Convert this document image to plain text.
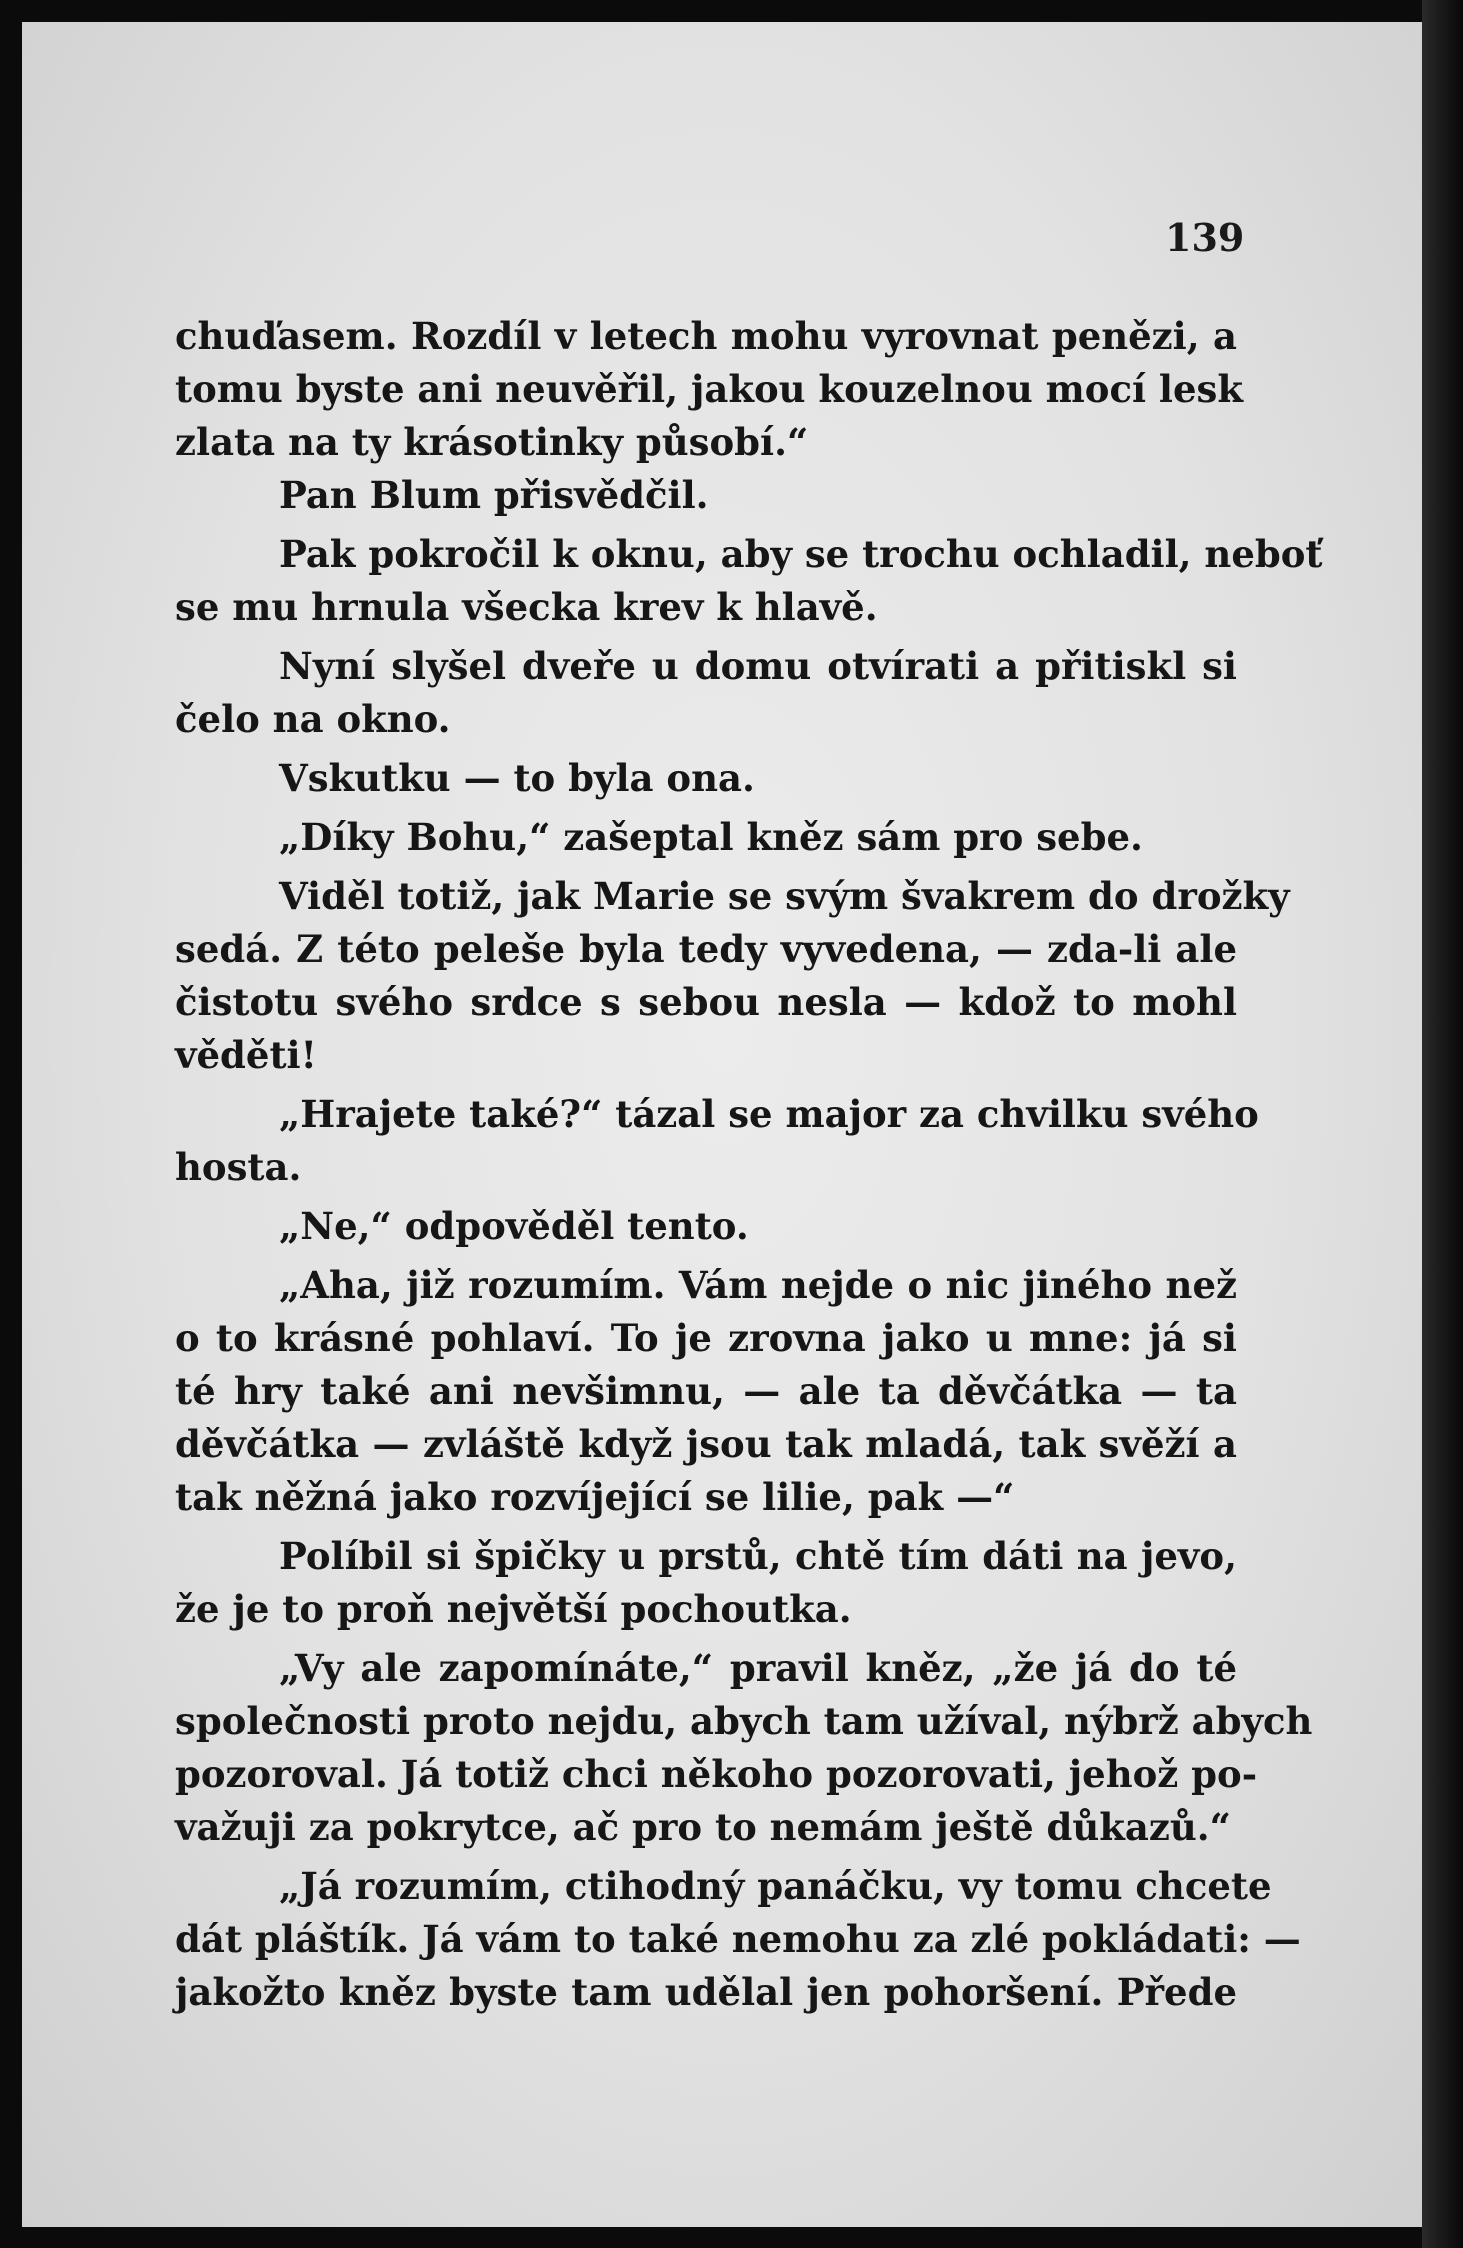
139
chuďasem. Rozdíl v letech mohu vyrovnat penězi, a
tomu byste ani neuvěřil, jakou kouzelnou mocí lesk
zlata na ty krásotinky působí.“
Pan Blum přisvědčil.
Pak pokročil k oknu, aby se trochu ochladil, neboť
se mu hrnula všecka krev k hlavě.
Nyní slyšel dveře u domu otvírati a přitiskl si
čelo na okno.
Vskutku — to byla ona.
„Díky Bohu,“ zašeptal kněz sám pro sebe.
Viděl totiž, jak Marie se svým švakrem do drožky
sedá. Z této peleše byla tedy vyvedena, — zda-li ale
čistotu svého srdce s sebou nesla — kdož to mohl
věděti!
„Hrajete také?“ tázal se major za chvilku svého
hosta.
„Ne,“ odpověděl tento.
„Aha, již rozumím. Vám nejde o nic jiného než
o to krásné pohlaví. To je zrovna jako u mne: já si
té hry také ani nevšimnu, — ale ta děvčátka — ta
děvčátka — zvláště když jsou tak mladá, tak svěží a
tak něžná jako rozvíjející se lilie, pak —“
Políbil si špičky u prstů, chtě tím dáti na jevo,
že je to proň největší pochoutka.
„Vy ale zapomínáte,“ pravil kněz, „že já do té
společnosti proto nejdu, abych tam užíval, nýbrž abych
pozoroval. Já totiž chci někoho pozorovati, jehož po-
važuji za pokrytce, ač pro to nemám ještě důkazů.“
„Já rozumím, ctihodný panáčku, vy tomu chcete
dát pláštík. Já vám to také nemohu za zlé pokládati: —
jakožto kněz byste tam udělal jen pohoršení. Přede
